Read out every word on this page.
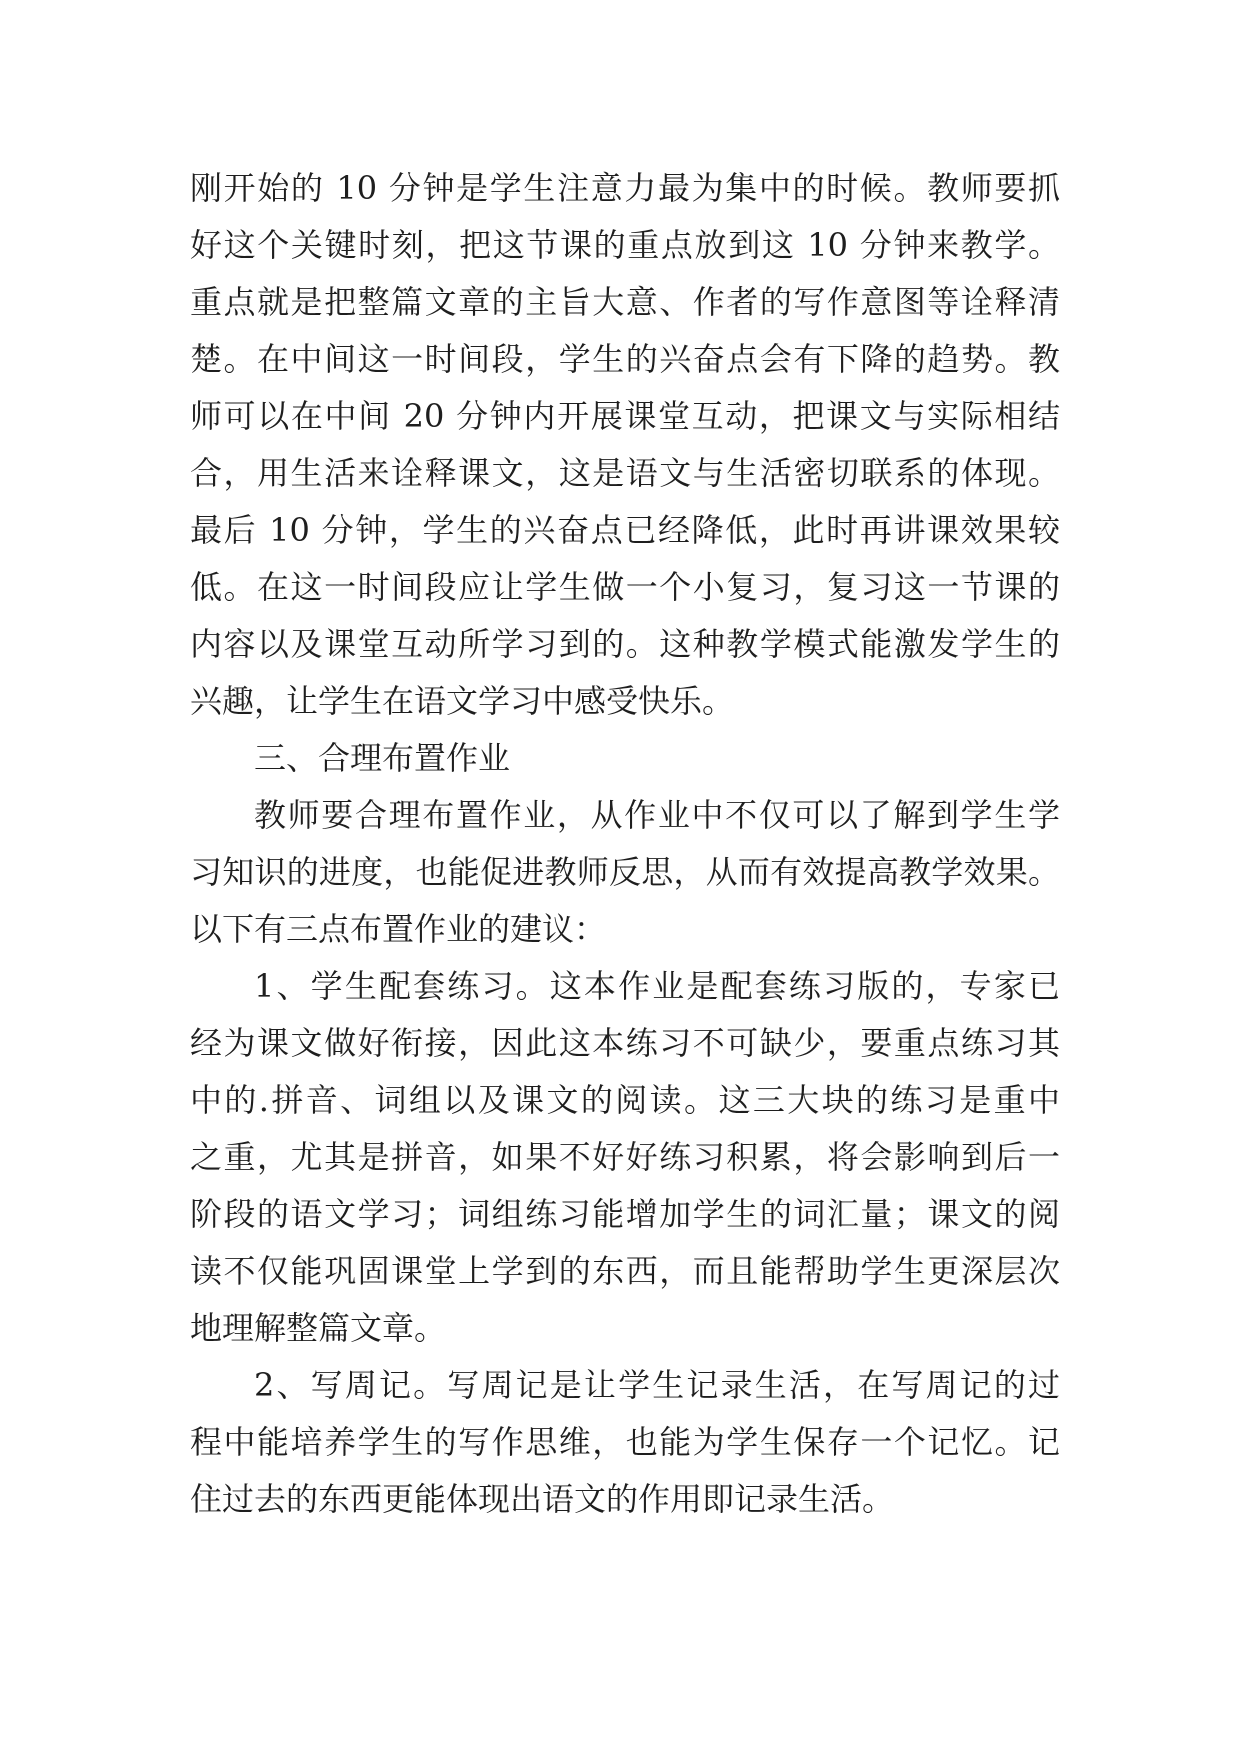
刚开始的 10 分钟是学生注意力最为集中的时候。教师要抓
好这个关键时刻，把这节课的重点放到这 10 分钟来教学。
重点就是把整篇文章的主旨大意、作者的写作意图等诠释清
楚。在中间这一时间段，学生的兴奋点会有下降的趋势。教
师可以在中间 20 分钟内开展课堂互动，把课文与实际相结
合，用生活来诠释课文，这是语文与生活密切联系的体现。
最后 10 分钟，学生的兴奋点已经降低，此时再讲课效果较
低。在这一时间段应让学生做一个小复习，复习这一节课的
内容以及课堂互动所学习到的。这种教学模式能激发学生的
兴趣，让学生在语文学习中感受快乐。
三、合理布置作业
教师要合理布置作业，从作业中不仅可以了解到学生学
习知识的进度，也能促进教师反思，从而有效提高教学效果。
以下有三点布置作业的建议：
1、学生配套练习。这本作业是配套练习版的，专家已
经为课文做好衔接，因此这本练习不可缺少，要重点练习其
中的.拼音、词组以及课文的阅读。这三大块的练习是重中
之重，尤其是拼音，如果不好好练习积累，将会影响到后一
阶段的语文学习；词组练习能增加学生的词汇量；课文的阅
读不仅能巩固课堂上学到的东西，而且能帮助学生更深层次
地理解整篇文章。
2、写周记。写周记是让学生记录生活，在写周记的过
程中能培养学生的写作思维，也能为学生保存一个记忆。记
住过去的东西更能体现出语文的作用即记录生活。
